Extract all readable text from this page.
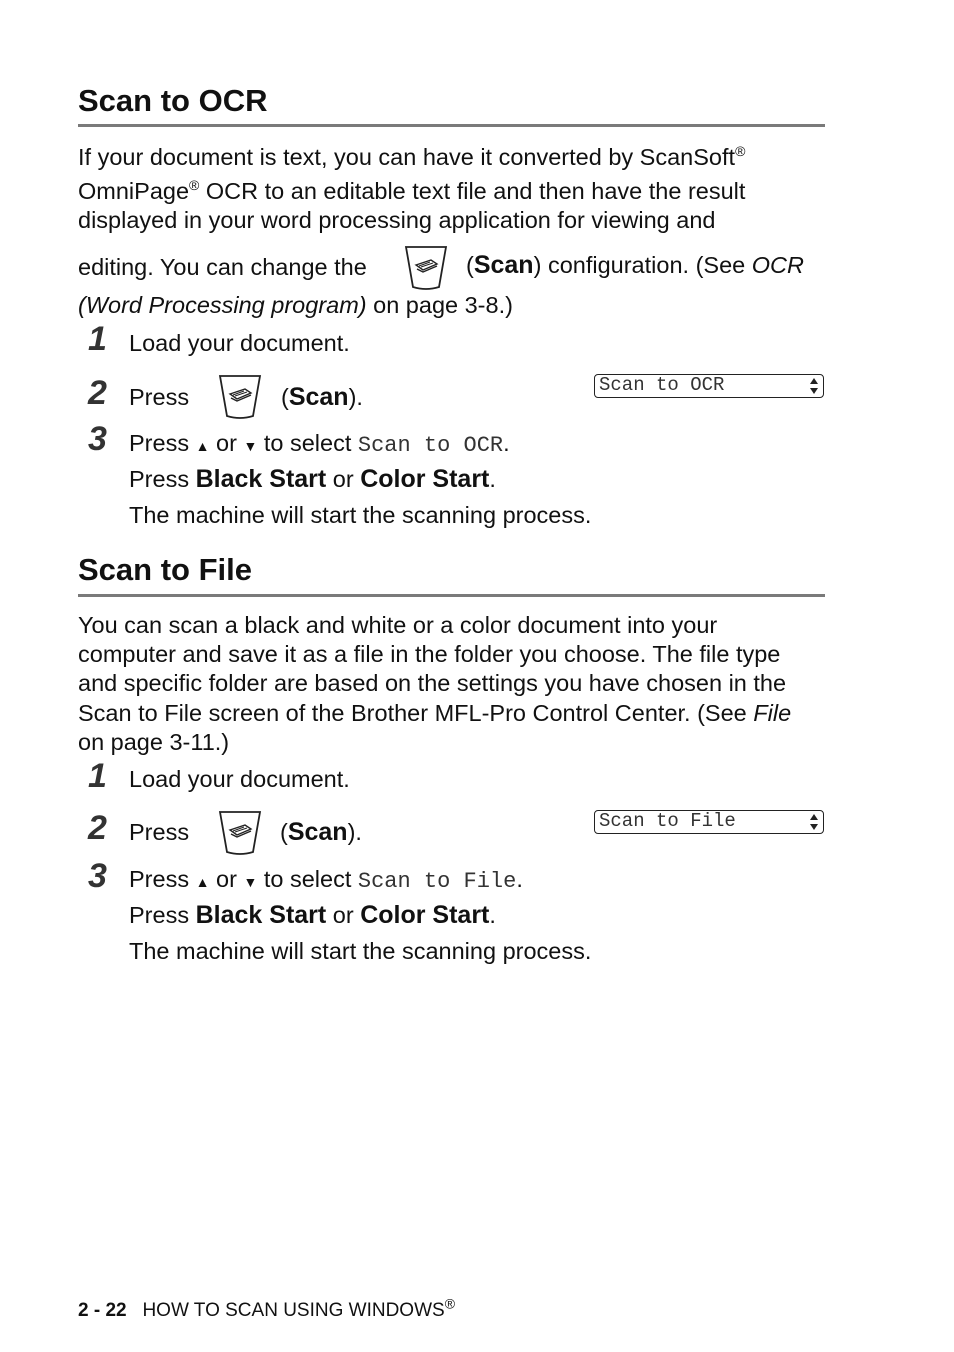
Scan to OCR
If your document is text, you can have it converted by ScanSoft®
OmniPage® OCR to an editable text file and then have the result
displayed in your word processing application for viewing and
editing. You can change the	(Scan) configuration. (See OCR
(Word Processing program) on page 3-8.)
1 Load your document.
2 Press	(Scan).	Scan to OCR
3 Press ▲ or ▼ to select Scan to OCR.
Press Black Start or Color Start.
The machine will start the scanning process.
Scan to File
You can scan a black and white or a color document into your
computer and save it as a file in the folder you choose. The file type
and specific folder are based on the settings you have chosen in the
Scan to File screen of the Brother MFL-Pro Control Center. (See File
on page 3-11.)
1 Load your document.
2 Press	(Scan).	Scan to File
3 Press ▲ or ▼ to select Scan to File.
Press Black Start or Color Start.
The machine will start the scanning process.
2 - 22 HOW TO SCAN USING WINDOWS®
